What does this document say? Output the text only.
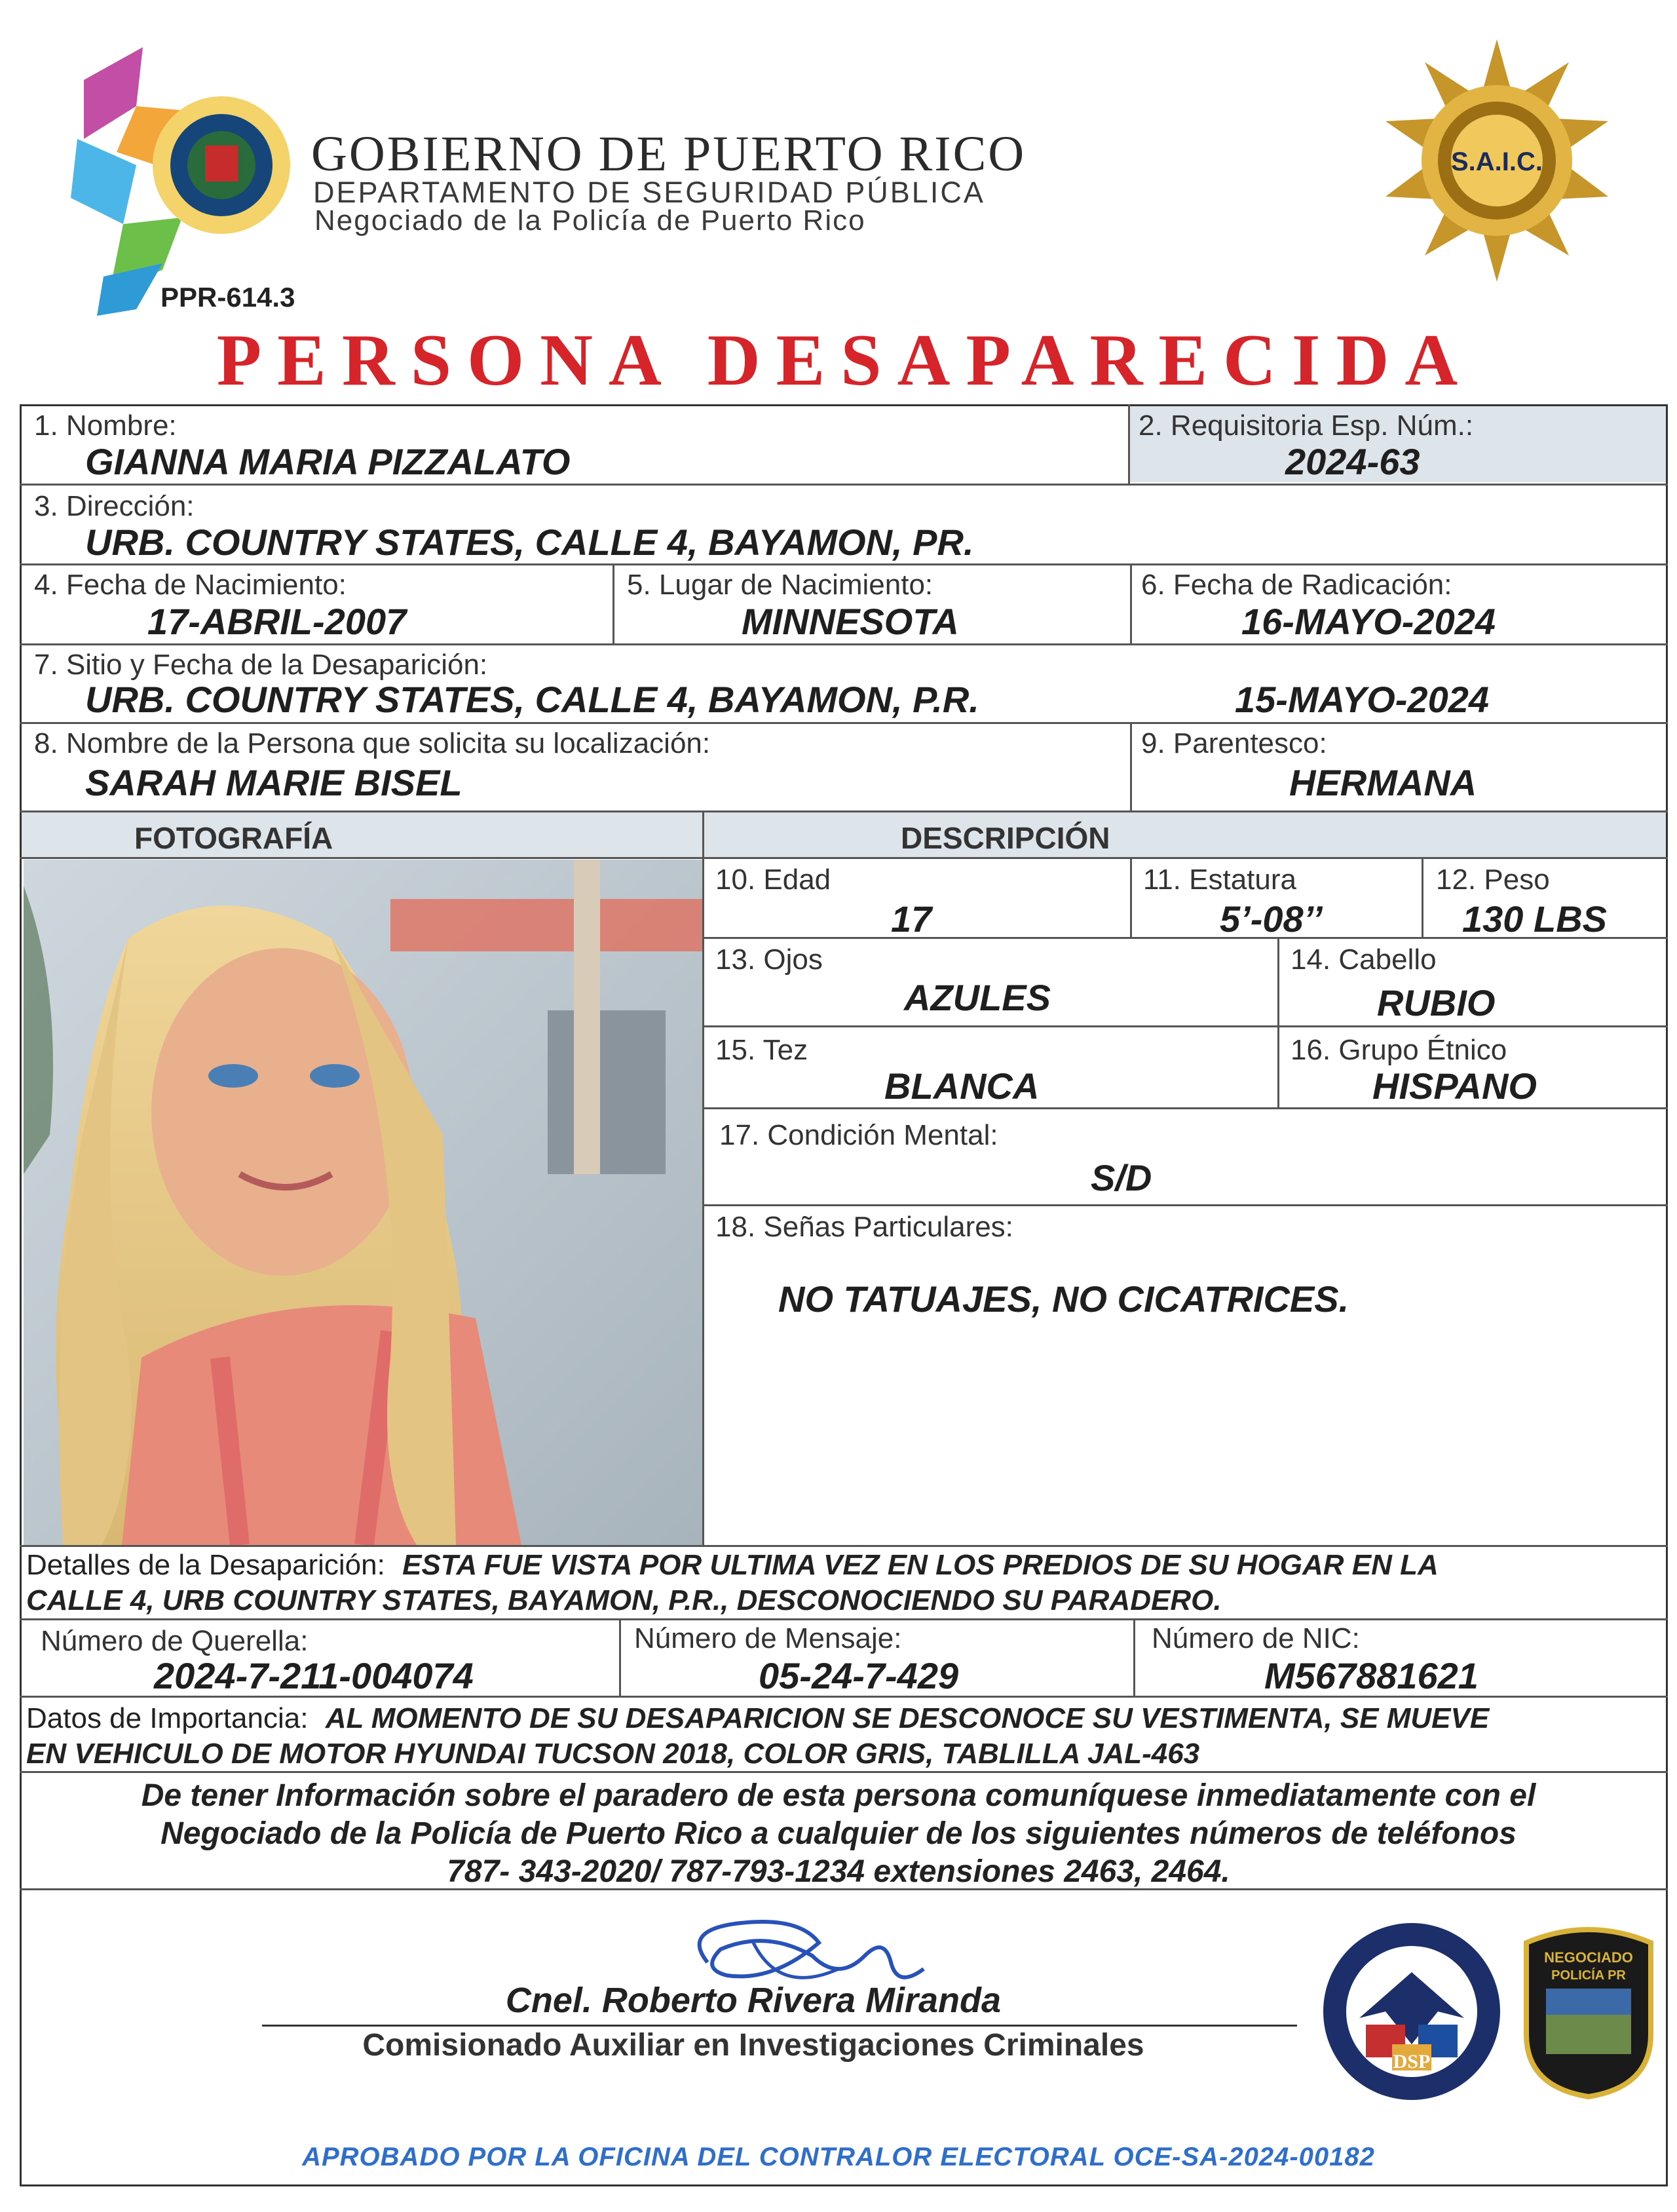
GOBIERNO DE PUERTO RICO
DEPARTAMENTO DE SEGURIDAD PÚBLICA
Negociado de la Policía de Puerto Rico
PPR-614.3
S.A.I.C.
PERSONA DESAPARECIDA
1. Nombre:
GIANNA MARIA PIZZALATO
2. Requisitoria Esp. Núm.:
2024-63
3. Dirección:
URB. COUNTRY STATES, CALLE 4, BAYAMON, PR.
4. Fecha de Nacimiento:
17-ABRIL-2007
5. Lugar de Nacimiento:
MINNESOTA
6. Fecha de Radicación:
16-MAYO-2024
7. Sitio y Fecha de la Desaparición:
URB. COUNTRY STATES, CALLE 4, BAYAMON, P.R.	15-MAYO-2024
8. Nombre de la Persona que solicita su localización:
SARAH MARIE BISEL
9. Parentesco:
HERMANA
FOTOGRAFÍA	DESCRIPCIÓN
10. Edad
17
11. Estatura
5’-08’’
12. Peso
130 LBS
13. Ojos
AZULES
14. Cabello
RUBIO
15. Tez
BLANCA
16. Grupo Étnico
HISPANO
17. Condición Mental:
S/D
18. Señas Particulares:
NO TATUAJES, NO CICATRICES.
Detalles de la Desaparición: ESTA FUE VISTA POR ULTIMA VEZ EN LOS PREDIOS DE SU HOGAR EN LA
CALLE 4, URB COUNTRY STATES, BAYAMON, P.R., DESCONOCIENDO SU PARADERO.
Número de Querella:
2024-7-211-004074
Número de Mensaje:
05-24-7-429
Número de NIC:
M567881621
Datos de Importancia: AL MOMENTO DE SU DESAPARICION SE DESCONOCE SU VESTIMENTA, SE MUEVE
EN VEHICULO DE MOTOR HYUNDAI TUCSON 2018, COLOR GRIS, TABLILLA JAL-463
De tener Información sobre el paradero de esta persona comuníquese inmediatamente con el
Negociado de la Policía de Puerto Rico a cualquier de los siguientes números de teléfonos
787- 343-2020/ 787-793-1234 extensiones 2463, 2464.
Cnel. Roberto Rivera Miranda
Comisionado Auxiliar en Investigaciones Criminales	DSP
NEGOCIADO
POLICÍA PR
APROBADO POR LA OFICINA DEL CONTRALOR ELECTORAL OCE-SA-2024-00182
